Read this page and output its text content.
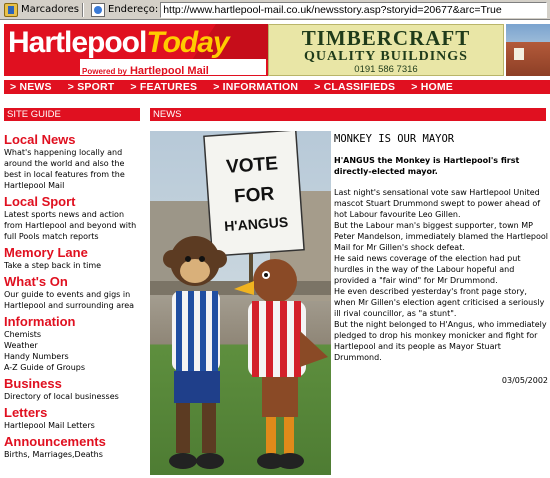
Marcadores	Endereço: http://www.hartlepool-mail.co.uk/newsstory.asp?storyid=20677&arc=True
HartlepoolToday
Powered by Hartlepool Mail
TIMBERCRAFT
QUALITY BUILDINGS
0191 586 7316
> NEWS > SPORT > FEATURES > INFORMATION > CLASSIFIEDS > HOME
SITE GUIDE
Local News
What's happening locally and around the world and also the best in local features from the Hartlepool Mail
Local Sport
Latest sports news and action from Hartlepool and beyond with full Pools match reports
Memory Lane
Take a step back in time
What's On
Our guide to events and gigs in Hartlepool and surrounding area
Information
Chemists
Weather
Handy Numbers
A-Z Guide of Groups
Business
Directory of local businesses
Letters
Hartlepool Mail Letters
Announcements
Births, Marriages,Deaths
NEWS
VOTE
FOR
H'ANGUS
MONKEY IS OUR MAYOR
H'ANGUS the Monkey is Hartlepool's first directly-elected mayor.
Last night's sensational vote saw Hartlepool United mascot Stuart Drummond swept to power ahead of hot Labour favourite Leo Gillen.
But the Labour man's biggest supporter, town MP Peter Mandelson, immediately blamed the Hartlepool Mail for Mr Gillen's shock defeat.
He said news coverage of the election had put hurdles in the way of the Labour hopeful and provided a "fair wind" for Mr Drummond.
He even described yesterday's front page story, when Mr Gillen's election agent criticised a seriously ill rival councillor, as "a stunt".
But the night belonged to H'Angus, who immediately pledged to drop his monkey monicker and fight for Hartlepool and its people as Mayor Stuart Drummond.
03/05/2002
